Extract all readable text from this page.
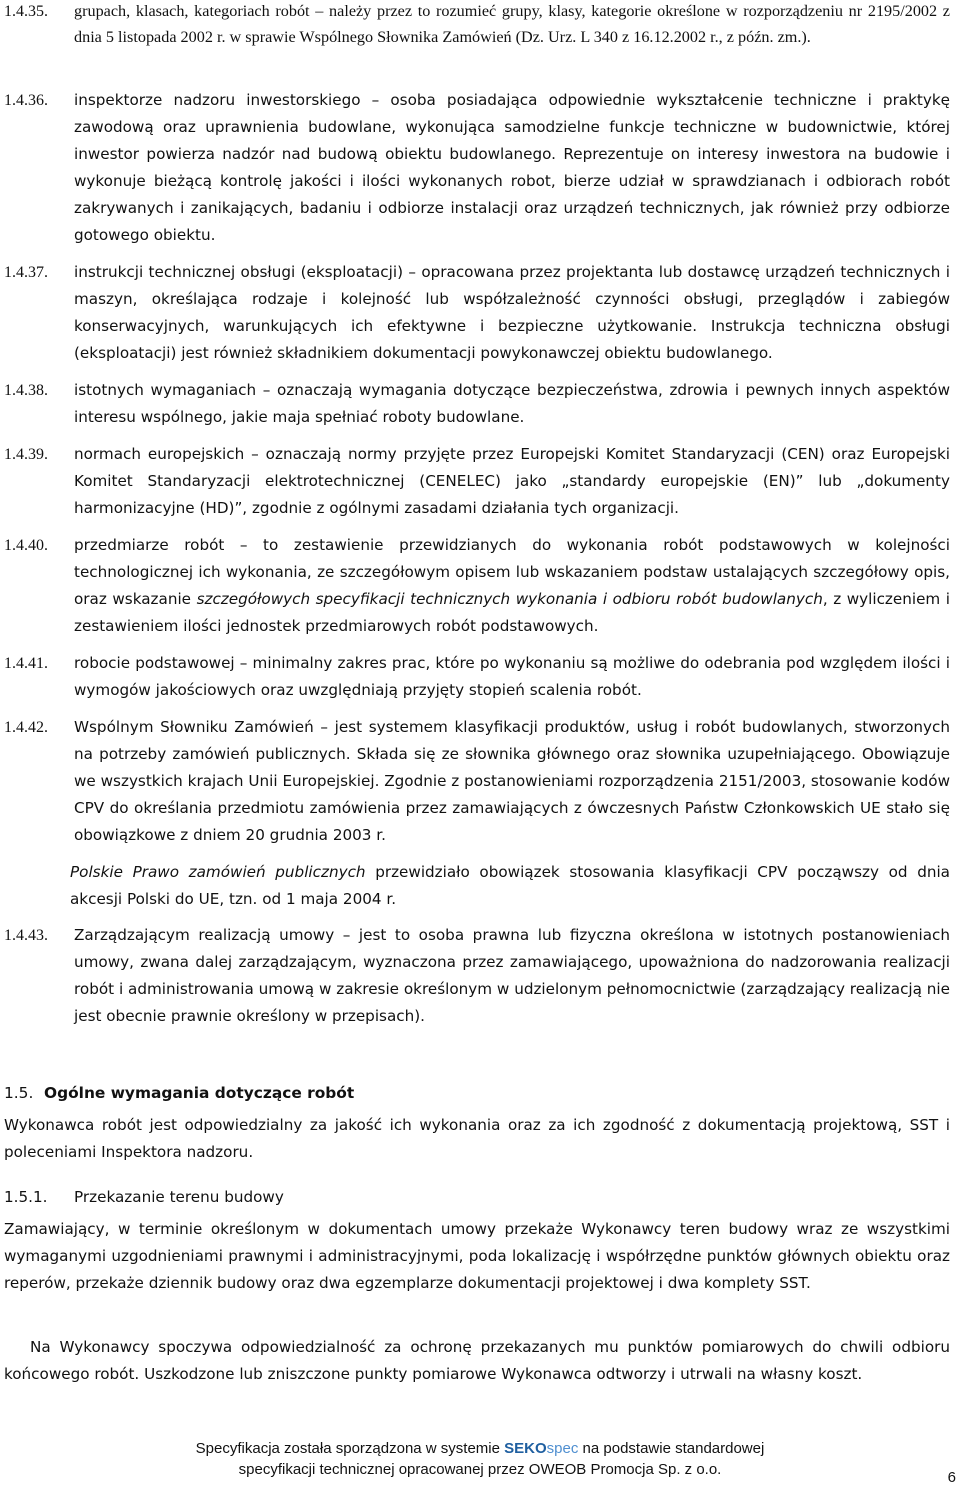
1.4.35.	grupach, klasach, kategoriach robót – należy przez to rozumieć grupy, klasy, kategorie określone w rozporządzeniu nr 2195/2002 z dnia 5 listopada 2002 r. w sprawie Wspólnego Słownika Zamówień (Dz. Urz. L 340 z 16.12.2002 r., z późn. zm.).
1.4.36.	inspektorze nadzoru inwestorskiego – osoba posiadająca odpowiednie wykształcenie techniczne i praktykę zawodową oraz uprawnienia budowlane, wykonująca samodzielne funkcje techniczne w budownictwie, której inwestor powierza nadzór nad budową obiektu budowlanego. Reprezentuje on interesy inwestora na budowie i wykonuje bieżącą kontrolę jakości i ilości wykonanych robot, bierze udział w sprawdzianach i odbiorach robót zakrywanych i zanikających, badaniu i odbiorze instalacji oraz urządzeń technicznych, jak również przy odbiorze gotowego obiektu.
1.4.37.	instrukcji technicznej obsługi (eksploatacji) – opracowana przez projektanta lub dostawcę urządzeń technicznych i maszyn, określająca rodzaje i kolejność lub współzależność czynności obsługi, przeglądów i zabiegów konserwacyjnych, warunkujących ich efektywne i bezpieczne użytkowanie. Instrukcja techniczna obsługi (eksploatacji) jest również składnikiem dokumentacji powykonawczej obiektu budowlanego.
1.4.38.	istotnych wymaganiach – oznaczają wymagania dotyczące bezpieczeństwa, zdrowia i pewnych innych aspektów interesu wspólnego, jakie maja spełniać roboty budowlane.
1.4.39.	normach europejskich – oznaczają normy przyjęte przez Europejski Komitet Standaryzacji (CEN) oraz Europejski Komitet Standaryzacji elektrotechnicznej (CENELEC) jako „standardy europejskie (EN)” lub „dokumenty harmonizacyjne (HD)”, zgodnie z ogólnymi zasadami działania tych organizacji.
1.4.40.	przedmiarze robót – to zestawienie przewidzianych do wykonania robót podstawowych w kolejności technologicznej ich wykonania, ze szczegółowym opisem lub wskazaniem podstaw ustalających szczegółowy opis, oraz wskazanie szczegółowych specyfikacji technicznych wykonania i odbioru robót budowlanych, z wyliczeniem i zestawieniem ilości jednostek przedmiarowych robót podstawowych.
1.4.41.	robocie podstawowej – minimalny zakres prac, które po wykonaniu są możliwe do odebrania pod względem ilości i wymogów jakościowych oraz uwzględniają przyjęty stopień scalenia robót.
1.4.42.	Wspólnym Słowniku Zamówień – jest systemem klasyfikacji produktów, usług i robót budowlanych, stworzonych na potrzeby zamówień publicznych. Składa się ze słownika głównego oraz słownika uzupełniającego. Obowiązuje we wszystkich krajach Unii Europejskiej. Zgodnie z postanowieniami rozporządzenia 2151/2003, stosowanie kodów CPV do określania przedmiotu zamówienia przez zamawiających z ówczesnych Państw Członkowskich UE stało się obowiązkowe z dniem 20 grudnia 2003 r.
Polskie Prawo zamówień publicznych przewidziało obowiązek stosowania klasyfikacji CPV począwszy od dnia akcesji Polski do UE, tzn. od 1 maja 2004 r.
1.4.43.	Zarządzającym realizacją umowy – jest to osoba prawna lub fizyczna określona w istotnych postanowieniach umowy, zwana dalej zarządzającym, wyznaczona przez zamawiającego, upoważniona do nadzorowania realizacji robót i administrowania umową w zakresie określonym w udzielonym pełnomocnictwie (zarządzający realizacją nie jest obecnie prawnie określony w przepisach).
1.5. Ogólne wymagania dotyczące robót
Wykonawca robót jest odpowiedzialny za jakość ich wykonania oraz za ich zgodność z dokumentacją projektową, SST i poleceniami Inspektora nadzoru.
1.5.1. Przekazanie terenu budowy
Zamawiający, w terminie określonym w dokumentach umowy przekaże Wykonawcy teren budowy wraz ze wszystkimi wymaganymi uzgodnieniami prawnymi i administracyjnymi, poda lokalizację i współrzędne punktów głównych obiektu oraz reperów, przekaże dziennik budowy oraz dwa egzemplarze dokumentacji projektowej i dwa komplety SST.
Na Wykonawcy spoczywa odpowiedzialność za ochronę przekazanych mu punktów pomiarowych do chwili odbioru końcowego robót. Uszkodzone lub zniszczone punkty pomiarowe Wykonawca odtworzy i utrwali na własny koszt.
Specyfikacja została sporządzona w systemie SEKOspec na podstawie standardowej
specyfikacji technicznej opracowanej przez OWEOB Promocja Sp. z o.o.	6
